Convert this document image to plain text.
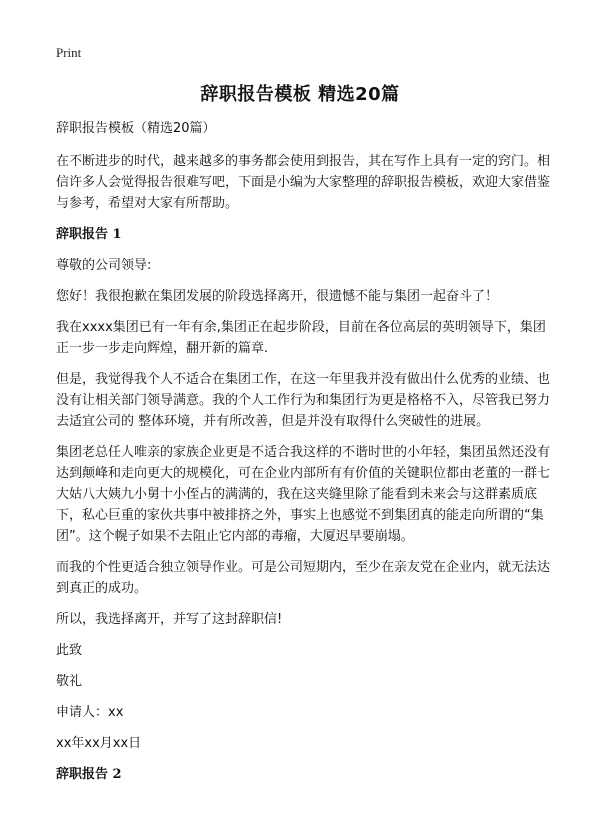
Print
辞职报告模板 精选20篇

辞职报告模板（精选20篇）

在不断进步的时代，越来越多的事务都会使用到报告，其在写作上具有一定的窍门。相信许多人会觉得报告很难写吧，下面是小编为大家整理的辞职报告模板，欢迎大家借鉴与参考，希望对大家有所帮助。

辞职报告 1

尊敬的公司领导:

您好！我很抱歉在集团发展的阶段选择离开，很遗憾不能与集团一起奋斗了！

我在xxxx集团已有一年有余,集团正在起步阶段，目前在各位高层的英明领导下，集团正一步一步走向辉煌，翻开新的篇章.

但是，我觉得我个人不适合在集团工作，在这一年里我并没有做出什么优秀的业绩、也没有让相关部门领导满意。我的个人工作行为和集团行为更是格格不入，尽管我已努力去适宜公司的 整体环境，并有所改善，但是并没有取得什么突破性的进展。

集团老总任人唯亲的家族企业更是不适合我这样的不谐时世的小年轻，集团虽然还没有达到颠峰和走向更大的规模化，可在企业内部所有有价值的关键职位都由老董的一群七大姑八大姨九小舅十小侄占的满满的，我在这夹缝里除了能看到未来会与这群素质底下，私心巨重的家伙共事中被排挤之外，事实上也感觉不到集团真的能走向所谓的“集团”。这个幌子如果不去阻止它内部的毒瘤，大厦迟早要崩塌。

而我的个性更适合独立领导作业。可是公司短期内，至少在亲友党在企业内，就无法达到真正的成功。

所以，我选择离开，并写了这封辞职信!

此致

敬礼

申请人：xx

xx年xx月xx日

辞职报告 2
